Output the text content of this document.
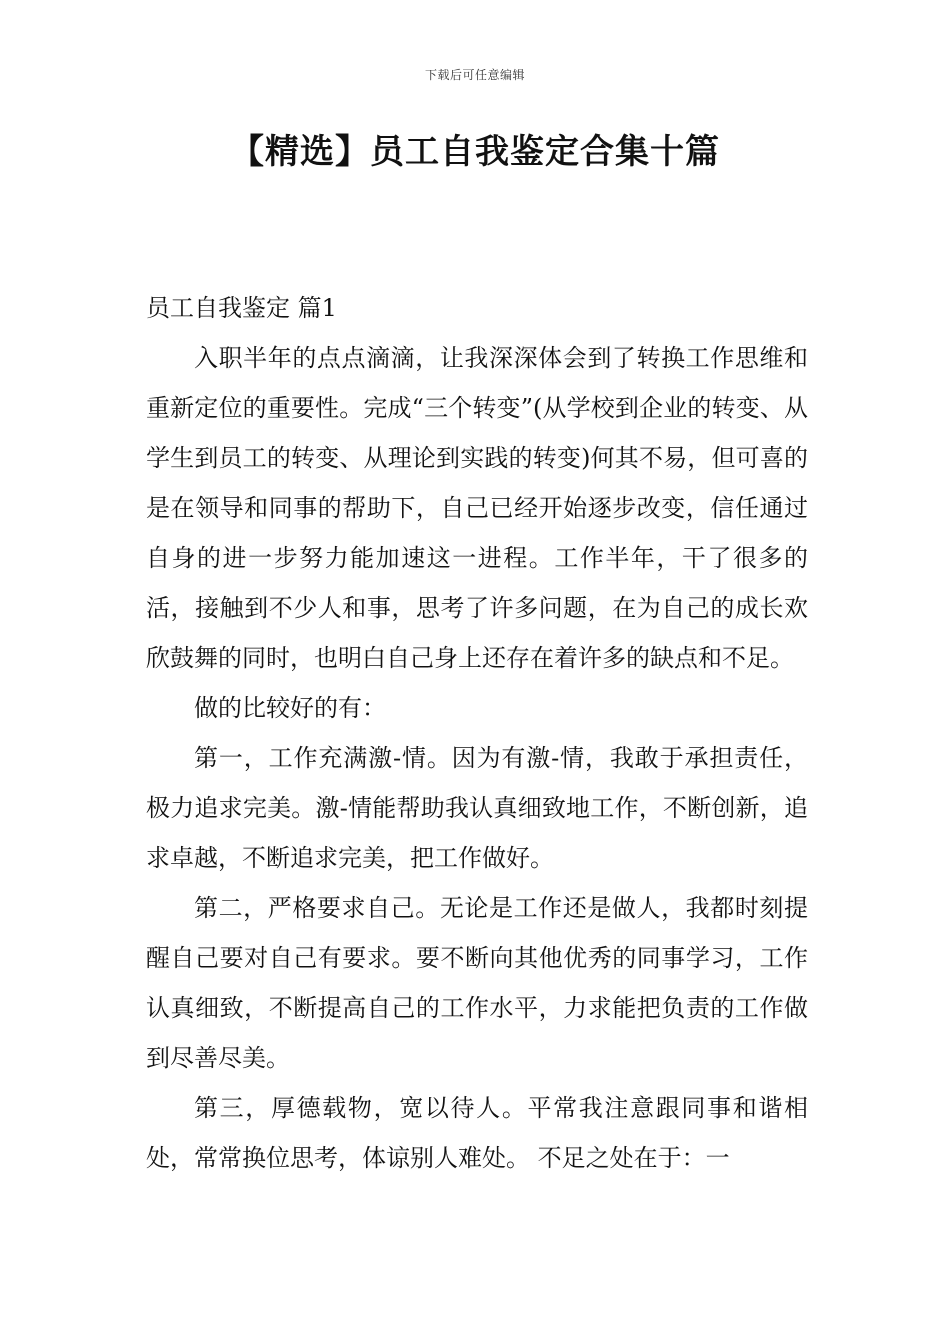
下载后可任意编辑
【精选】员工自我鉴定合集十篇

员工自我鉴定 篇1

入职半年的点点滴滴，让我深深体会到了转换工作思维和重新定位的重要性。完成“三个转变”(从学校到企业的转变、从学生到员工的转变、从理论到实践的转变)何其不易，但可喜的是在领导和同事的帮助下，自己已经开始逐步改变，信任通过自身的进一步努力能加速这一进程。工作半年，干了很多的活，接触到不少人和事，思考了许多问题，在为自己的成长欢欣鼓舞的同时，也明白自己身上还存在着许多的缺点和不足。

做的比较好的有：

第一，工作充满激-情。因为有激-情，我敢于承担责任，极力追求完美。激-情能帮助我认真细致地工作，不断创新，追求卓越，不断追求完美，把工作做好。

第二，严格要求自己。无论是工作还是做人，我都时刻提醒自己要对自己有要求。要不断向其他优秀的同事学习，工作认真细致，不断提高自己的工作水平，力求能把负责的工作做到尽善尽美。

第三，厚德载物，宽以待人。平常我注意跟同事和谐相处，常常换位思考，体谅别人难处。 不足之处在于：一
